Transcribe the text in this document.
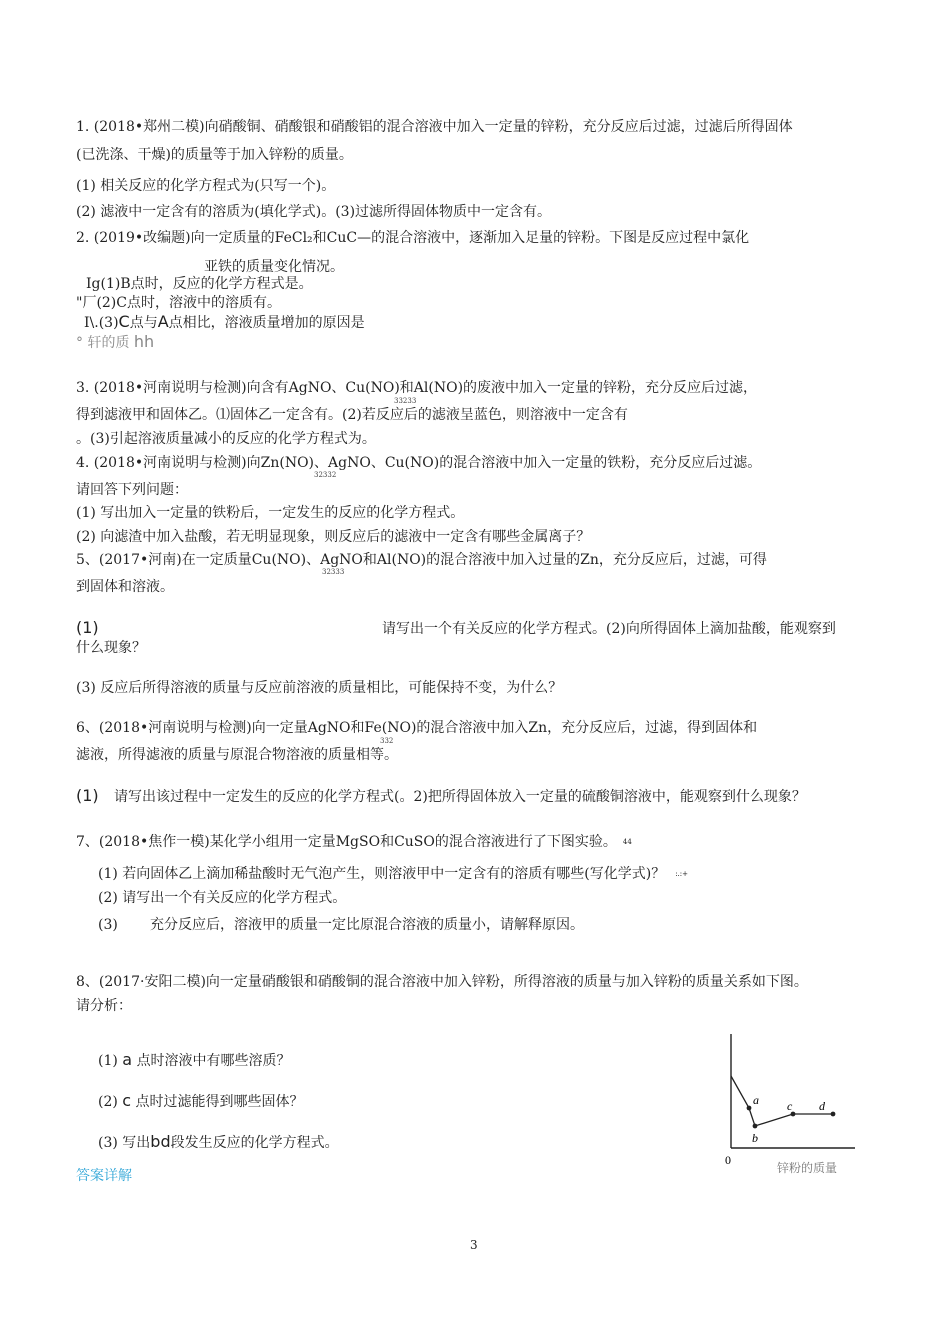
1. (2018•郑州二模)向硝酸铜、硝酸银和硝酸铝的混合溶液中加入一定量的锌粉，充分反应后过滤，过滤后所得固体
(已洗涤、干燥)的质量等于加入锌粉的质量。
(1) 相关反应的化学方程式为(只写一个)。
(2) 滤液中一定含有的溶质为(填化学式)。(3)过滤所得固体物质中一定含有。
2. (2019•改编题)向一定质量的FeCl₂和CuC—的混合溶液中，逐渐加入足量的锌粉。下图是反应过程中氯化
亚铁的质量变化情况。
Ig(1)B点时，反应的化学方程式是。
"厂(2)C点时，溶液中的溶质有。
I\.(3)C点与A点相比，溶液质量增加的原因是
° 轩的质 hh
3. (2018•河南说明与检测)向含有AgNO、Cu(NO)和Al(NO)的废液中加入一定量的锌粉，充分反应后过滤，
33233
得到滤液甲和固体乙。⑴固体乙一定含有。(2)若反应后的滤液呈蓝色，则溶液中一定含有
。(3)引起溶液质量减小的反应的化学方程式为。
4. (2018•河南说明与检测)向Zn(NO)、AgNO、Cu(NO)的混合溶液中加入一定量的铁粉，充分反应后过滤。
32332
请回答下列问题：
(1) 写出加入一定量的铁粉后，一定发生的反应的化学方程式。
(2) 向滤渣中加入盐酸，若无明显现象，则反应后的滤液中一定含有哪些金属离子？
5、(2017•河南)在一定质量Cu(NO)、AgNO和Al(NO)的混合溶液中加入过量的Zn，充分反应后，过滤，可得
32333
到固体和溶液。
(1)	请写出一个有关反应的化学方程式。(2)向所得固体上滴加盐酸，能观察到
什么现象？
(3) 反应后所得溶液的质量与反应前溶液的质量相比，可能保持不变，为什么？
6、(2018•河南说明与检测)向一定量AgNO和Fe(NO)的混合溶液中加入Zn，充分反应后，过滤，得到固体和
332
滤液，所得滤液的质量与原混合物溶液的质量相等。
(1) 请写出该过程中一定发生的反应的化学方程式(。2)把所得固体放入一定量的硫酸铜溶液中，能观察到什么现象？
7、(2018•焦作一模)某化学小组用一定量MgSO和CuSO的混合溶液进行了下图实验。 $^{44}$
(1) 若向固体乙上滴加稀盐酸时无气泡产生，则溶液甲中一定含有的溶质有哪些(写化学式)？ :.:+
(2) 请写出一个有关反应的化学方程式。
(3) 充分反应后，溶液甲的质量一定比原混合溶液的质量小，请解释原因。
8、(2017·安阳二模)向一定量硝酸银和硝酸铜的混合溶液中加入锌粉，所得溶液的质量与加入锌粉的质量关系如下图。
请分析：
(1) a 点时溶液中有哪些溶质？
(2) c 点时过滤能得到哪些固体？
(3) 写出bd段发生反应的化学方程式。
答案详解
a
b
c d
0
锌粉的质量
3
